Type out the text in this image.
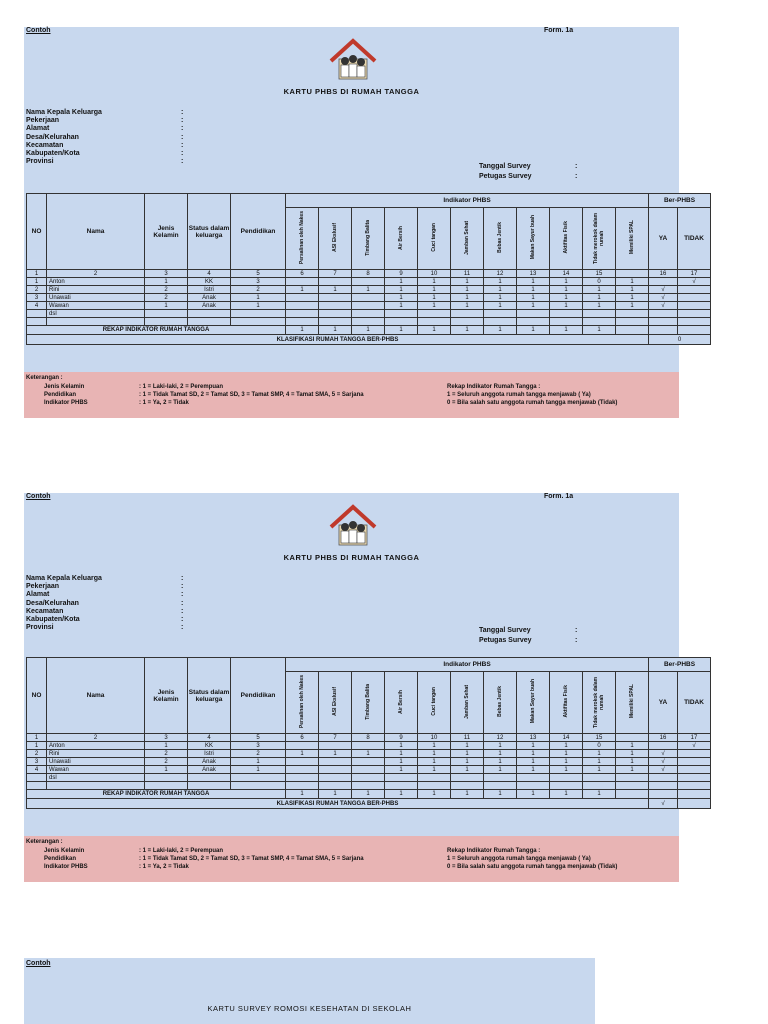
Contoh	Form. 1a
KARTU PHBS DI RUMAH TANGGA
Nama Kepala Keluarga	:
Pekerjaan	:
Alamat	:
Desa/Kelurahan	:
Kecamatan	:
Kabupaten/Kota	:
Provinsi	:
Tanggal Survey	:
Petugas Survey	:
NO	Nama	Jenis Kelamin	Status dalam keluarga	Pendidikan	Indikator PHBS											Ber-PHBS	
					Persalinan oleh Nakes	ASI Ekslusif	Timbang Balita	Air Bersih	Cuci tangan	Jamban Sehat	Bebas Jentik	Makan Sayur buah	Aktifitas Fisik	Tidak merokok dalam rumah	Memiliki SPAL	YA	TIDAK
1	2	3	4	5	6	7	8	9	10	11	12	13	14	15		16	17
1	Anton	1	KK	3				1	1	1	1	1	1	0	1		√
2	Rini	2	Istri	2	1	1	1	1	1	1	1	1	1	1	1	√	
3	Unawati	2	Anak	1				1	1	1	1	1	1	1	1	√	
4	Wawan	1	Anak	1				1	1	1	1	1	1	1	1	√	
	dsl																

REKAP INDIKATOR RUMAH TANGGA					1	1	1	1	1	1	1	1	1	1			
KLASIFIKASI RUMAH TANGGA BER-PHBS																0	
Keterangan :
Jenis Kelamin	: 1 = Laki-laki, 2 = Perempuan
Pendidikan	: 1 = Tidak Tamat SD, 2 = Tamat SD, 3 = Tamat SMP, 4 = Tamat SMA, 5 = Sarjana
Indikator PHBS	: 1 = Ya, 2 = Tidak
Rekap Indikator Rumah Tangga :
1 = Seluruh anggota rumah tangga menjawab ( Ya)
0 = Bila salah satu anggota rumah tangga menjawab (Tidak)
Contoh	Form. 1a
KARTU PHBS DI RUMAH TANGGA
Nama Kepala Keluarga	:
Pekerjaan	:
Alamat	:
Desa/Kelurahan	:
Kecamatan	:
Kabupaten/Kota	:
Provinsi	:	Tanggal Survey	:
Petugas Survey	:
NO	Nama	Jenis Kelamin	Status dalam keluarga	Pendidikan	Indikator PHBS											Ber-PHBS	
					Persalinan oleh Nakes	ASI Ekslusif	Timbang Balita	Air Bersih	Cuci tangan	Jamban Sehat	Bebas Jentik	Makan Sayur buah	Aktifitas Fisik	Tidak merokok dalam rumah	Memiliki SPAL	YA	TIDAK
1	2	3	4	5	6	7	8	9	10	11	12	13	14	15		16	17
1	Anton	1	KK	3				1	1	1	1	1	1	0	1		√
2	Rini	2	Istri	2	1	1	1	1	1	1	1	1	1	1	1	√	
3	Unawati	2	Anak	1				1	1	1	1	1	1	1	1	√	
4	Wawan	1	Anak	1				1	1	1	1	1	1	1	1	√	
	dsl																

REKAP INDIKATOR RUMAH TANGGA					1	1	1	1	1	1	1	1	1	1			
KLASIFIKASI RUMAH TANGGA BER-PHBS																√	
Keterangan :
Jenis Kelamin	: 1 = Laki-laki, 2 = Perempuan
Pendidikan	: 1 = Tidak Tamat SD, 2 = Tamat SD, 3 = Tamat SMP, 4 = Tamat SMA, 5 = Sarjana
Indikator PHBS	: 1 = Ya, 2 = Tidak
Rekap Indikator Rumah Tangga :
1 = Seluruh anggota rumah tangga menjawab ( Ya)
0 = Bila salah satu anggota rumah tangga menjawab (Tidak)
Contoh
KARTU SURVEY ROMOSI KESEHATAN DI SEKOLAH
